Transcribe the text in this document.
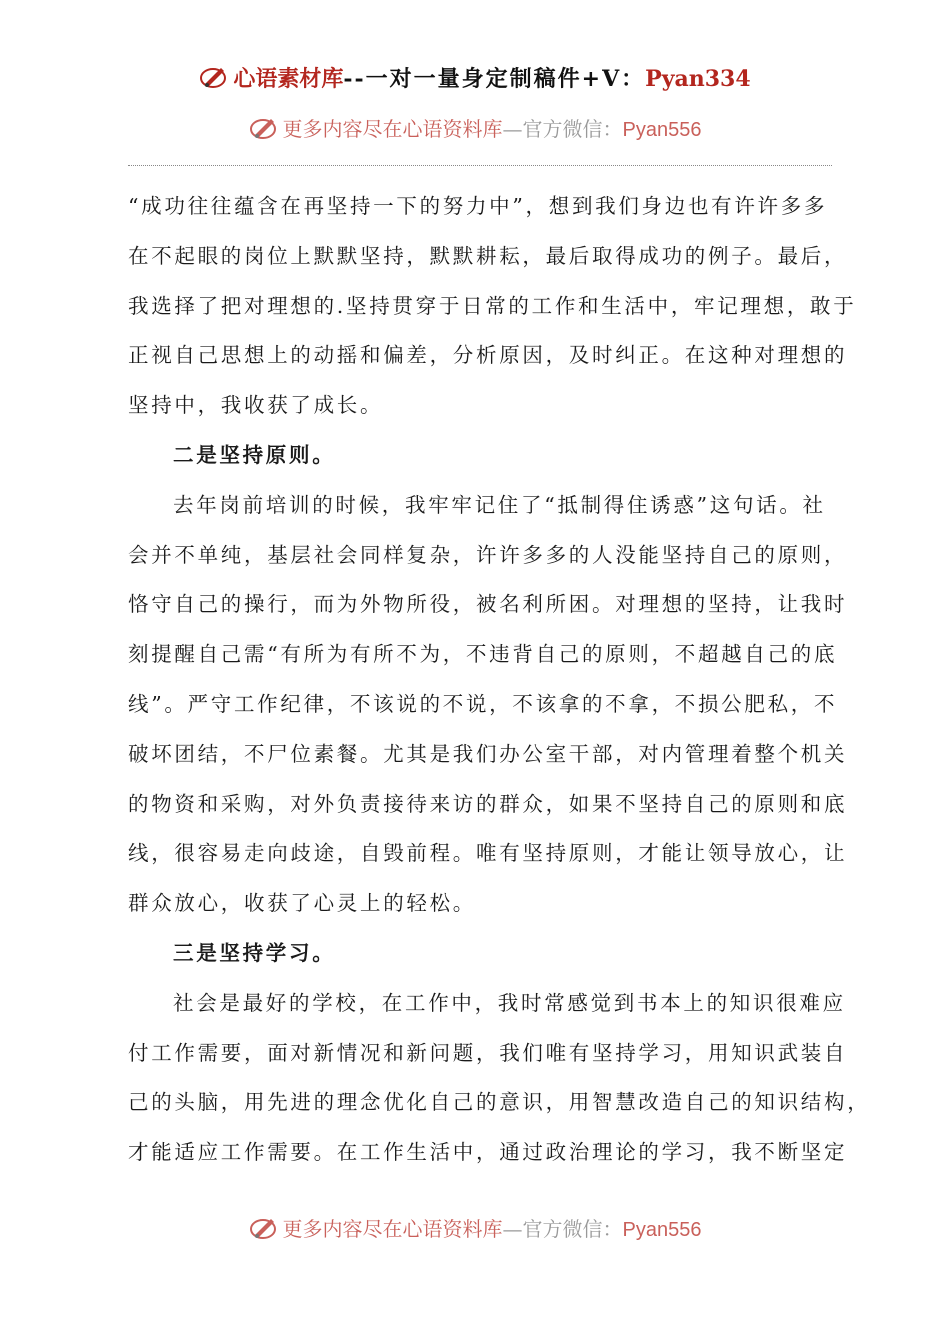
心语素材库--一对一量身定制稿件+V：Pyan334
更多内容尽在心语资料库—官方微信：Pyan556
“成功往往蕴含在再坚持一下的努力中”，想到我们身边也有许许多多
在不起眼的岗位上默默坚持，默默耕耘，最后取得成功的例子。最后，
我选择了把对理想的.坚持贯穿于日常的工作和生活中，牢记理想，敢于
正视自己思想上的动摇和偏差，分析原因，及时纠正。在这种对理想的
坚持中，我收获了成长。
二是坚持原则。
去年岗前培训的时候，我牢牢记住了“抵制得住诱惑”这句话。社
会并不单纯，基层社会同样复杂，许许多多的人没能坚持自己的原则，
恪守自己的操行，而为外物所役，被名利所困。对理想的坚持，让我时
刻提醒自己需“有所为有所不为，不违背自己的原则，不超越自己的底
线”。严守工作纪律，不该说的不说，不该拿的不拿，不损公肥私，不
破坏团结，不尸位素餐。尤其是我们办公室干部，对内管理着整个机关
的物资和采购，对外负责接待来访的群众，如果不坚持自己的原则和底
线，很容易走向歧途，自毁前程。唯有坚持原则，才能让领导放心，让
群众放心，收获了心灵上的轻松。
三是坚持学习。
社会是最好的学校，在工作中，我时常感觉到书本上的知识很难应
付工作需要，面对新情况和新问题，我们唯有坚持学习，用知识武装自
己的头脑，用先进的理念优化自己的意识，用智慧改造自己的知识结构，
才能适应工作需要。在工作生活中，通过政治理论的学习，我不断坚定
更多内容尽在心语资料库—官方微信：Pyan556
